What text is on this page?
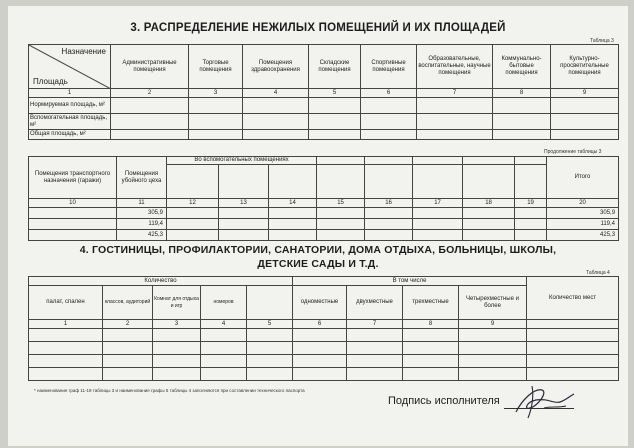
3. РАСПРЕДЕЛЕНИЕ НЕЖИЛЫХ ПОМЕЩЕНИЙ И ИХ ПЛОЩАДЕЙ
Таблица 3
Назначение
Площадь	Административные помещения	Торговые помещения	Помещения здравоохранения	Складские помещения	Спортивные помещения	Образовательные, воспитательные, научные помещения	Коммунально-бытовые помещения	Культурно-просветительные помещения
1	2	3	4	5	6	7	8	9
Нормируемая площадь, м²								
Вспомогательная площадь, м²								
Общая площадь, м²								
Продолжение таблицы 3
Помещения транспортного назначения (гаражи)	Помещения убойного цеха	Во вспомогательных помещениях								Итого

10	11	12	13	14	15	16	17	18	19	20
	305,9									305,9
	119,4									119,4
	425,3									425,3
4. ГОСТИНИЦЫ, ПРОФИЛАКТОРИИ, САНАТОРИИ, ДОМА ОТДЫХА, БОЛЬНИЦЫ, ШКОЛЫ,
ДЕТСКИЕ САДЫ И Т.Д.
Таблица 4
Количество					В том числе				Количество мест
палат, спален	классов, аудиторий	Комнат для отдыха и игр	номеров		одноместные	двухместные	трехместные	Четырехместные и более	
1	2	3	4	5	6	7	8	9	

* наименование граф 11-19 таблицы 3 и наименование графы 5 таблицы 4 заполняются при составлении технического паспорта
Подпись исполнителя
